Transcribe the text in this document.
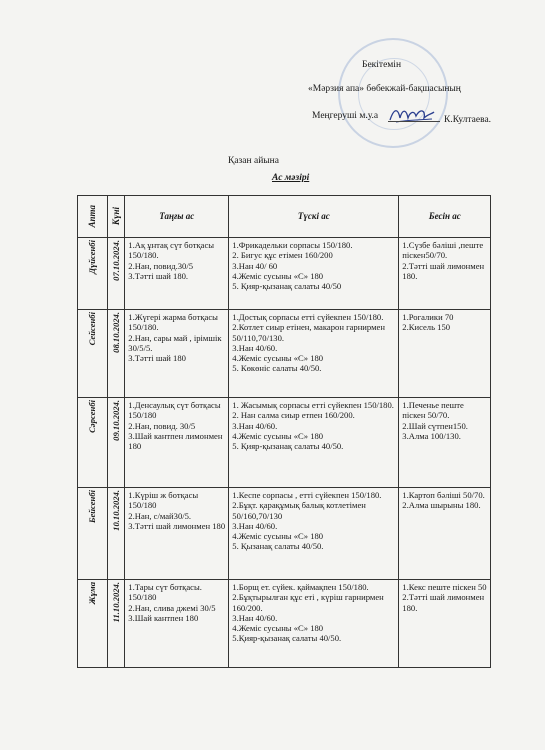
Бекітемін
«Мәрзия апа» бөбекжай-бақшасының
Меңгеруші м.у.а	К.Култаева.
Қазан айына
Ас мәзірі
Апта	Күні	Таңғы ас	Түскі ас	Бесін ас

Дүйсенбі	07.10.2024.	1.Ақ ұнтақ сүт ботқасы 150/180.
2.Нан, повид.30/5
3.Тәтті шай 180.	1.Фрикадельки сорпасы 150/180.
2. Бигус құс етімен 160/200
3.Нан 40/ 60
4.Жеміс сусыны «С» 180
5. Қияр-қызанақ салаты 40/50	1.Сүзбе бәліші ,пеште піскен50/70.
2.Тәтті шай лимонмен 180.

Сейсенбі	08.10.2024.	1.Жүгері жарма ботқасы 150/180.
2.Нан, сары май , ірімшік 30/5/5.
3.Тәтті шай 180	1.Достық сорпасы етті сүйекпен 150/180.
2.Котлет сиыр етінен, макарон гарнирмен 50/110,70/130.
3.Нан 40/60.
4.Жеміс сусыны «С» 180
5. Көкөніс салаты 40/50.	1.Рогалики 70
2.Кисель 150

Сәрсенбі	09.10.2024.	1.Денсаулық сүт ботқасы 150/180
2.Нан, повид. 30/5
3.Шай кантпен лимонмен 180	1. Жасымық сорпасы етті сүйекпен 150/180.
2. Нан салма сиыр етпен 160/200.
3.Нан 40/60.
4.Жеміс сусыны «С» 180
5. Қияр-қызанақ салаты 40/50.	1.Печенье пеште піскен 50/70.
2.Шай сүтпен150.
3.Алма 100/130.

Бейсенбі	10.10.2024.	1.Күріш ж ботқасы 150/180
2.Нан, с/май30/5.
3.Тәтті шай лимонмен 180	1.Кеспе сорпасы , етті сүйекпен 150/180.
2.Бұқт. қарақұмық балық котлетімен 50/160,70/130
3.Нан 40/60.
4.Жеміс сусыны «С» 180
5. Қызанақ салаты 40/50.	1.Картоп бәліші 50/70.
2.Алма шырыны 180.

Жұма	11.10.2024.	1.Тары сүт ботқасы. 150/180
2.Нан, слива джемі 30/5
3.Шай кантпен 180	1.Борщ ет. сүйек. қаймақпен 150/180.
2.Бұқтырылған құс еті , күріш гарнирмен 160/200.
3.Нан 40/60.
4.Жеміс сусыны «С» 180
5.Қияр-қызанақ салаты 40/50.	1.Кекс пеште піскен 50
2.Тәтті шай лимонмен 180.
